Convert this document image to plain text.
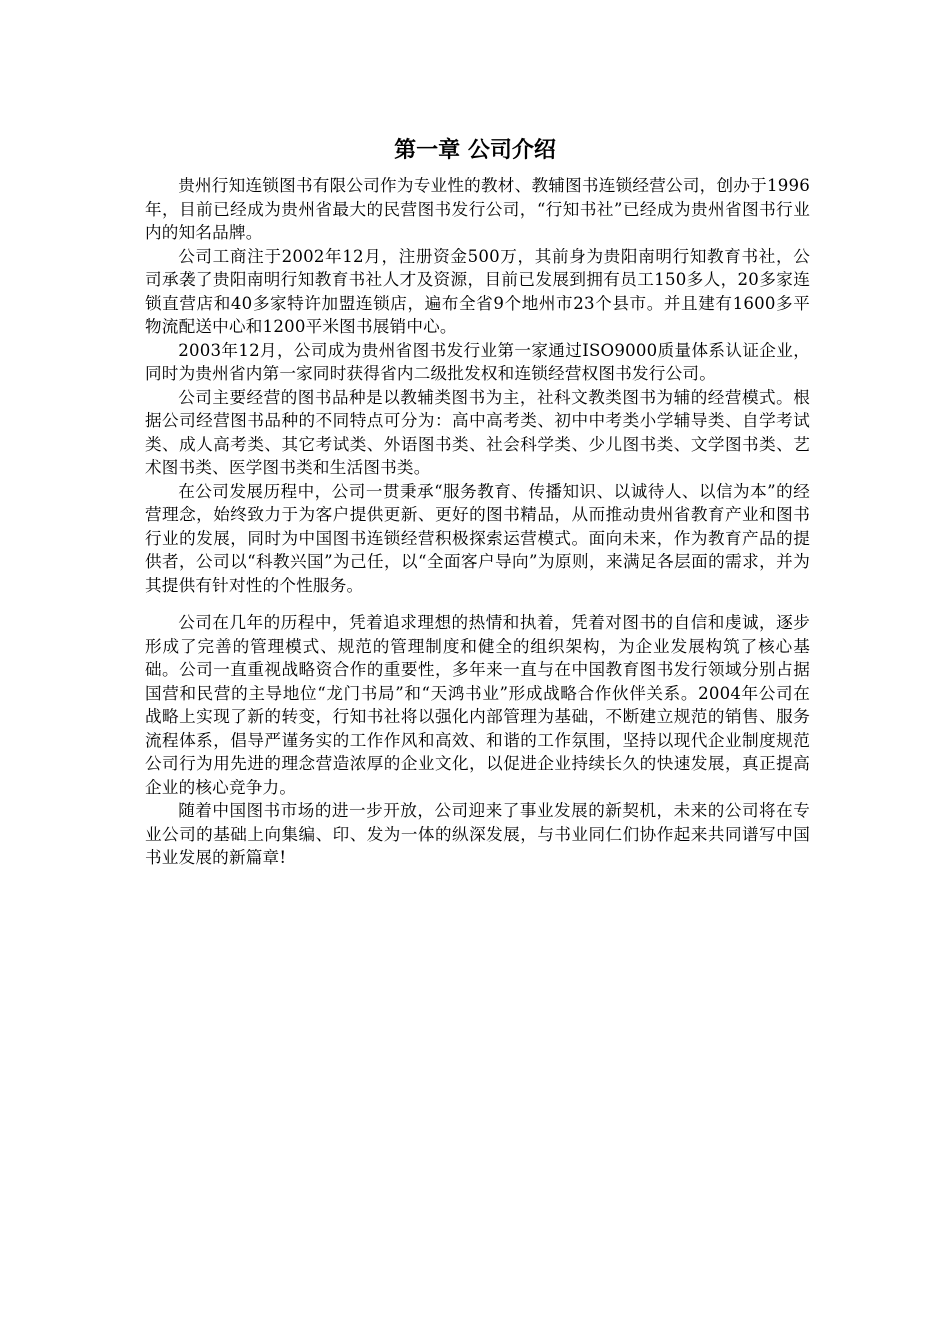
第一章 公司介绍

贵州行知连锁图书有限公司作为专业性的教材、教辅图书连锁经营公司，创办于1996年，目前已经成为贵州省最大的民营图书发行公司，“行知书社”已经成为贵州省图书行业内的知名品牌。

公司工商注于2002年12月，注册资金500万，其前身为贵阳南明行知教育书社，公司承袭了贵阳南明行知教育书社人才及资源，目前已发展到拥有员工150多人，20多家连锁直营店和40多家特许加盟连锁店，遍布全省9个地州市23个县市。并且建有1600多平物流配送中心和1200平米图书展销中心。

2003年12月，公司成为贵州省图书发行业第一家通过ISO9000质量体系认证企业，同时为贵州省内第一家同时获得省内二级批发权和连锁经营权图书发行公司。

公司主要经营的图书品种是以教辅类图书为主，社科文教类图书为辅的经营模式。根据公司经营图书品种的不同特点可分为：高中高考类、初中中考类小学辅导类、自学考试类、成人高考类、其它考试类、外语图书类、社会科学类、少儿图书类、文学图书类、艺术图书类、医学图书类和生活图书类。

在公司发展历程中，公司一贯秉承“服务教育、传播知识、以诚待人、以信为本”的经营理念，始终致力于为客户提供更新、更好的图书精品，从而推动贵州省教育产业和图书行业的发展，同时为中国图书连锁经营积极探索运营模式。面向未来，作为教育产品的提供者，公司以“科教兴国”为己任，以“全面客户导向”为原则，来满足各层面的需求，并为其提供有针对性的个性服务。

公司在几年的历程中，凭着追求理想的热情和执着，凭着对图书的自信和虔诚，逐步形成了完善的管理模式、规范的管理制度和健全的组织架构，为企业发展构筑了核心基础。公司一直重视战略资合作的重要性，多年来一直与在中国教育图书发行领域分别占据国营和民营的主导地位“龙门书局”和“天鸿书业”形成战略合作伙伴关系。2004年公司在战略上实现了新的转变，行知书社将以强化内部管理为基础，不断建立规范的销售、服务流程体系，倡导严谨务实的工作作风和高效、和谐的工作氛围，坚持以现代企业制度规范公司行为用先进的理念营造浓厚的企业文化，以促进企业持续长久的快速发展，真正提高企业的核心竞争力。

随着中国图书市场的进一步开放，公司迎来了事业发展的新契机，未来的公司将在专业公司的基础上向集编、印、发为一体的纵深发展，与书业同仁们协作起来共同谱写中国书业发展的新篇章!
